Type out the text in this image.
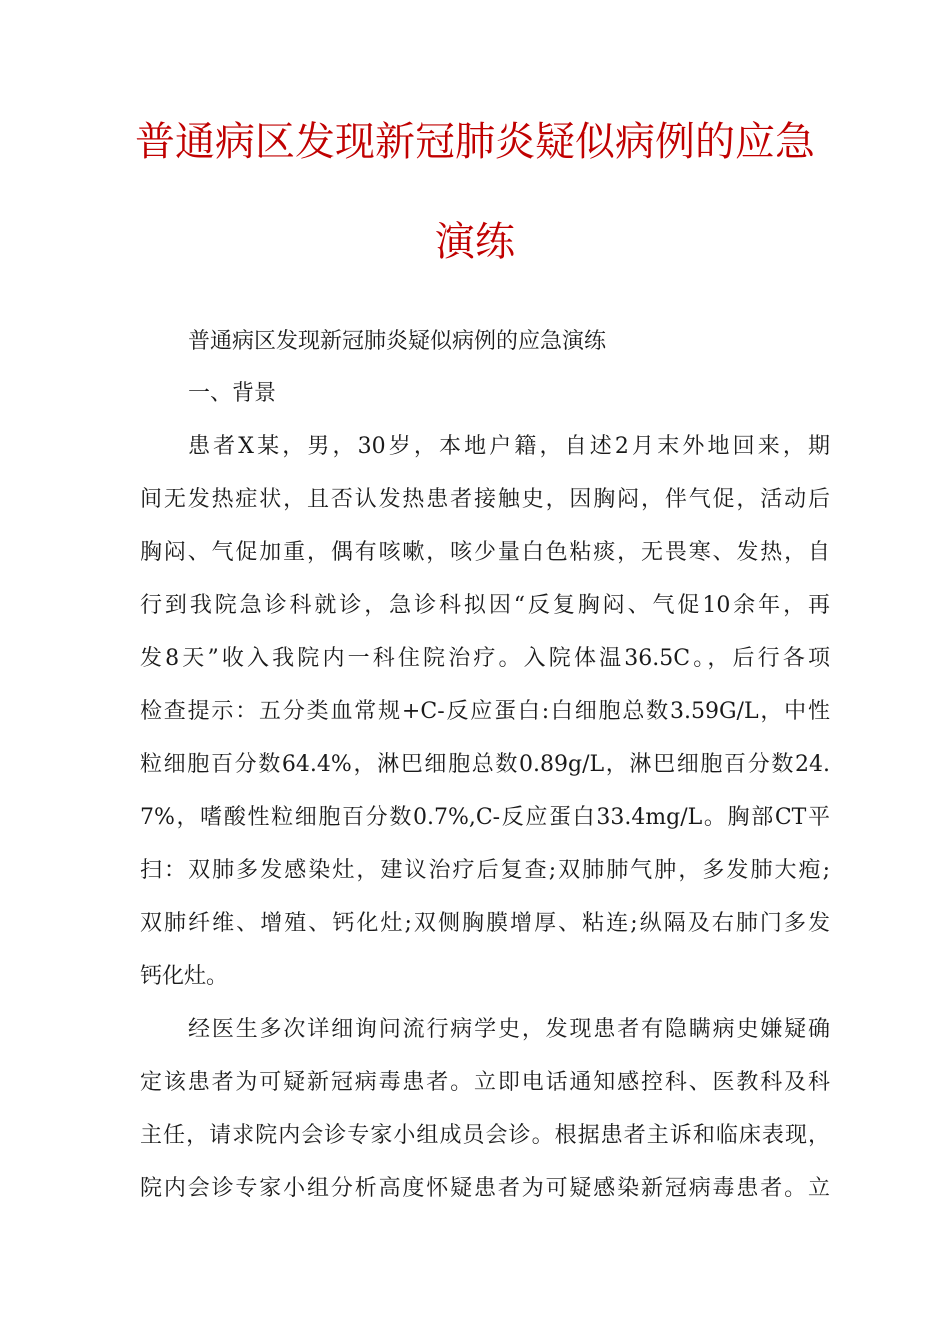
普通病区发现新冠肺炎疑似病例的应急
演练
普通病区发现新冠肺炎疑似病例的应急演练
一、背景
患者X某，男，30岁，本地户籍，自述2月末外地回来，期
间无发热症状，且否认发热患者接触史，因胸闷，伴气促，活动后
胸闷、气促加重，偶有咳嗽，咳少量白色粘痰，无畏寒、发热，自
行到我院急诊科就诊，急诊科拟因“反复胸闷、气促10余年，再
发8天”收入我院内一科住院治疗。入院体温36.5C。，后行各项
检查提示：五分类血常规+C-反应蛋白:白细胞总数3.59G/L，中性
粒细胞百分数64.4%，淋巴细胞总数0.89g/L，淋巴细胞百分数24.
7%，嗜酸性粒细胞百分数0.7%,C-反应蛋白33.4mg/L。胸部CT平
扫：双肺多发感染灶，建议治疗后复查;双肺肺气肿，多发肺大疱;
双肺纤维、增殖、钙化灶;双侧胸膜增厚、粘连;纵隔及右肺门多发
钙化灶。
经医生多次详细询问流行病学史，发现患者有隐瞒病史嫌疑确
定该患者为可疑新冠病毒患者。立即电话通知感控科、医教科及科
主任，请求院内会诊专家小组成员会诊。根据患者主诉和临床表现，
院内会诊专家小组分析高度怀疑患者为可疑感染新冠病毒患者。立
